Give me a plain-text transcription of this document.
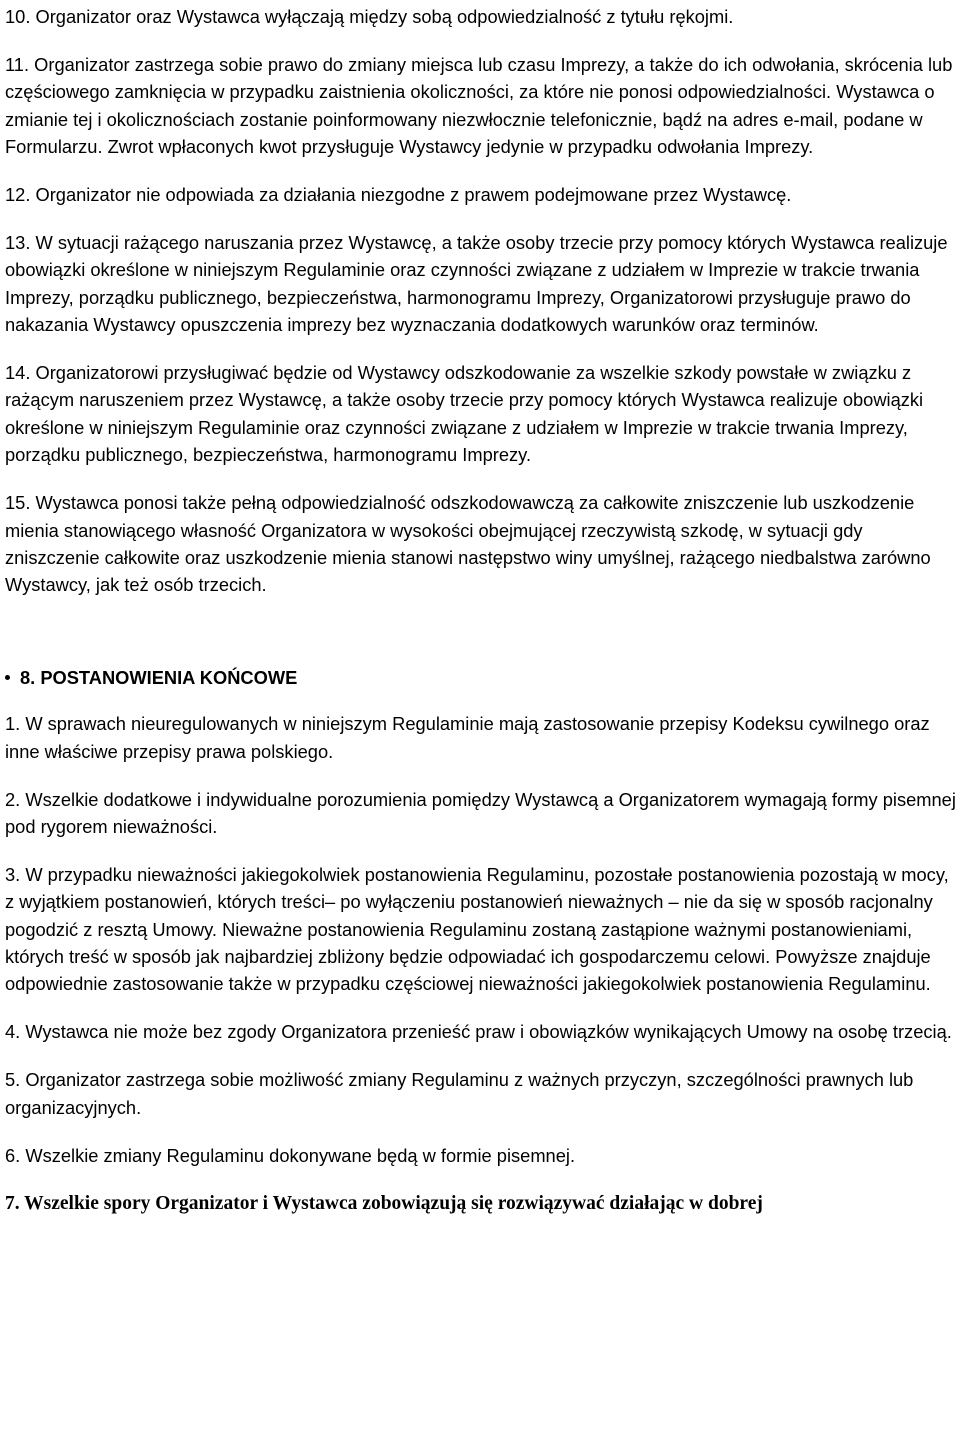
10. Organizator oraz Wystawca wyłączają między sobą odpowiedzialność z tytułu rękojmi.

11. Organizator zastrzega sobie prawo do zmiany miejsca lub czasu Imprezy, a także do ich odwołania, skrócenia lub częściowego zamknięcia w przypadku zaistnienia okoliczności, za które nie ponosi odpowiedzialności. Wystawca o zmianie tej i okolicznościach zostanie poinformowany niezwłocznie telefonicznie, bądź na adres e-mail, podane w Formularzu. Zwrot wpłaconych kwot przysługuje Wystawcy jedynie w przypadku odwołania Imprezy.

12. Organizator nie odpowiada za działania niezgodne z prawem podejmowane przez Wystawcę.

13. W sytuacji rażącego naruszania przez Wystawcę, a także osoby trzecie przy pomocy których Wystawca realizuje obowiązki określone w niniejszym Regulaminie oraz czynności związane z udziałem w Imprezie w trakcie trwania Imprezy, porządku publicznego, bezpieczeństwa, harmonogramu Imprezy, Organizatorowi przysługuje prawo do nakazania Wystawcy opuszczenia imprezy bez wyznaczania dodatkowych warunków oraz terminów.

14. Organizatorowi przysługiwać będzie od Wystawcy odszkodowanie za wszelkie szkody powstałe w związku z rażącym naruszeniem przez Wystawcę, a także osoby trzecie przy pomocy których Wystawca realizuje obowiązki określone w niniejszym Regulaminie oraz czynności związane z udziałem w Imprezie w trakcie trwania Imprezy, porządku publicznego, bezpieczeństwa, harmonogramu Imprezy.

15. Wystawca ponosi także pełną odpowiedzialność odszkodowawczą za całkowite zniszczenie lub uszkodzenie mienia stanowiącego własność Organizatora w wysokości obejmującej rzeczywistą szkodę, w sytuacji gdy zniszczenie całkowite oraz uszkodzenie mienia stanowi następstwo winy umyślnej, rażącego niedbalstwa zarówno Wystawcy, jak też osób trzecich.

8. POSTANOWIENIA KOŃCOWE

1. W sprawach nieuregulowanych w niniejszym Regulaminie mają zastosowanie przepisy Kodeksu cywilnego oraz inne właściwe przepisy prawa polskiego.

2. Wszelkie dodatkowe i indywidualne porozumienia pomiędzy Wystawcą a Organizatorem wymagają formy pisemnej pod rygorem nieważności.

3. W przypadku nieważności jakiegokolwiek postanowienia Regulaminu, pozostałe postanowienia pozostają w mocy, z wyjątkiem postanowień, których treści– po wyłączeniu postanowień nieważnych – nie da się w sposób racjonalny pogodzić z resztą Umowy. Nieważne postanowienia Regulaminu zostaną zastąpione ważnymi postanowieniami, których treść w sposób jak najbardziej zbliżony będzie odpowiadać ich gospodarczemu celowi. Powyższe znajduje odpowiednie zastosowanie także w przypadku częściowej nieważności jakiegokolwiek postanowienia Regulaminu.

4. Wystawca nie może bez zgody Organizatora przenieść praw i obowiązków wynikających Umowy na osobę trzecią.

5. Organizator zastrzega sobie możliwość zmiany Regulaminu z ważnych przyczyn, szczególności prawnych lub organizacyjnych.

6. Wszelkie zmiany Regulaminu dokonywane będą w formie pisemnej.

7. Wszelkie spory Organizator i Wystawca zobowiązują się rozwiązywać działając w dobrej
